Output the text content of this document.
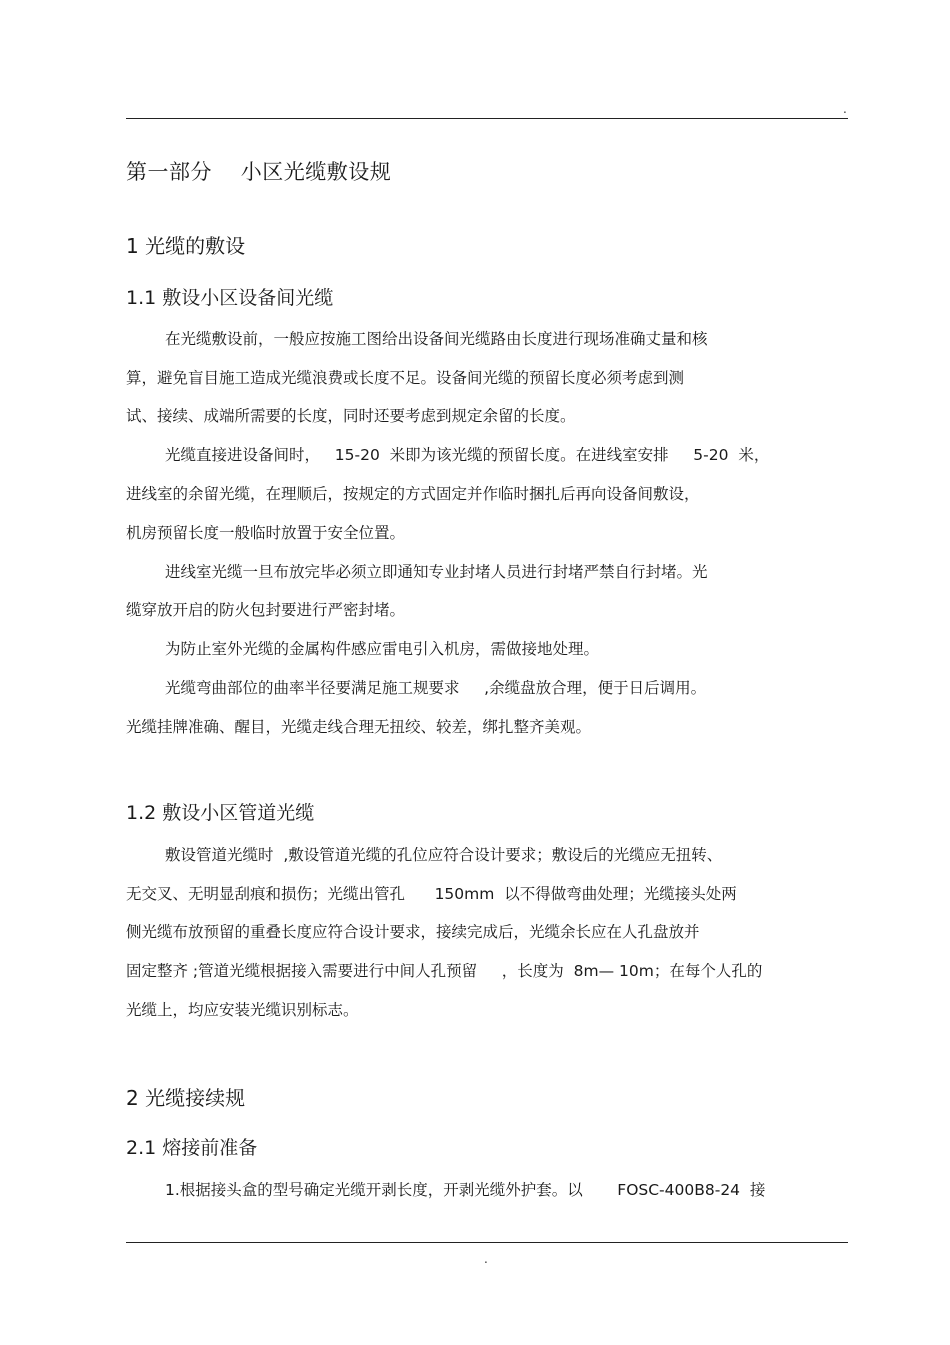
.
第一部分    小区光缆敷设规
1 光缆的敷设
1.1 敷设小区设备间光缆
在光缆敷设前，一般应按施工图给出设备间光缆路由长度进行现场准确丈量和核
算，避免盲目施工造成光缆浪费或长度不足。设备间光缆的预留长度必须考虑到测
试、接续、成端所需要的长度，同时还要考虑到规定余留的长度。
光缆直接进设备间时，   15-20  米即为该光缆的预留长度。在进线室安排     5-20  米，
进线室的余留光缆，在理顺后，按规定的方式固定并作临时捆扎后再向设备间敷设，
机房预留长度一般临时放置于安全位置。
进线室光缆一旦布放完毕必须立即通知专业封堵人员进行封堵严禁自行封堵。光
缆穿放开启的防火包封要进行严密封堵。
为防止室外光缆的金属构件感应雷电引入机房，需做接地处理。
光缆弯曲部位的曲率半径要满足施工规要求     ,余缆盘放合理，便于日后调用。
光缆挂牌准确、醒目，光缆走线合理无扭绞、较差，绑扎整齐美观。
1.2 敷设小区管道光缆
敷设管道光缆时  ,敷设管道光缆的孔位应符合设计要求；敷设后的光缆应无扭转、
无交叉、无明显刮痕和损伤；光缆出管孔      150mm  以不得做弯曲处理；光缆接头处两
侧光缆布放预留的重叠长度应符合设计要求，接续完成后，光缆余长应在人孔盘放并
固定整齐 ;管道光缆根据接入需要进行中间人孔预留     ，长度为  8m— 10m；在每个人孔的
光缆上，均应安装光缆识别标志。
2 光缆接续规
2.1 熔接前准备
1.根据接头盒的型号确定光缆开剥长度，开剥光缆外护套。以       FOSC-400B8-24  接
.
